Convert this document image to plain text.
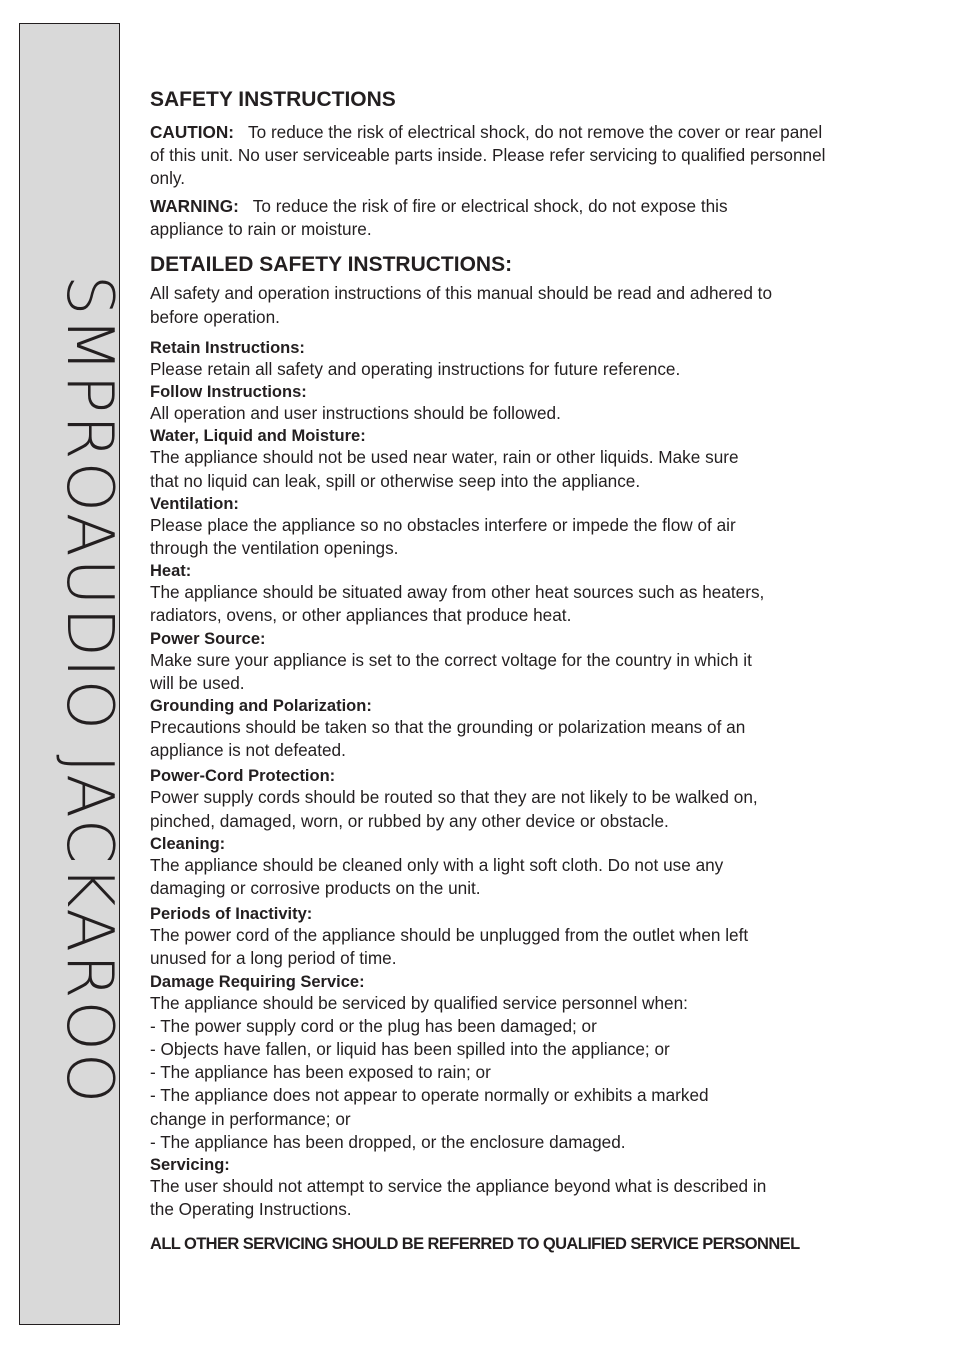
SMPROAUDIO JACKAROO
SAFETY INSTRUCTIONS

CAUTION: To reduce the risk of electrical shock, do not remove the cover or rear panel of this unit. No user serviceable parts inside. Please refer servicing to qualified personnel only.

WARNING: To reduce the risk of fire or electrical shock, do not expose this appliance to rain or moisture.

DETAILED SAFETY INSTRUCTIONS:

All safety and operation instructions of this manual should be read and adhered to before operation.

Retain Instructions:
Please retain all safety and operating instructions for future reference.
Follow Instructions:
All operation and user instructions should be followed.
Water, Liquid and Moisture:
The appliance should not be used near water, rain or other liquids. Make sure
that no liquid can leak, spill or otherwise seep into the appliance.
Ventilation:
Please place the appliance so no obstacles interfere or impede the flow of air
through the ventilation openings.
Heat:
The appliance should be situated away from other heat sources such as heaters,
radiators, ovens, or other appliances that produce heat.
Power Source:
Make sure your appliance is set to the correct voltage for the country in which it
will be used.
Grounding and Polarization:
Precautions should be taken so that the grounding or polarization means of an
appliance is not defeated.
Power-Cord Protection:
Power supply cords should be routed so that they are not likely to be walked on,
pinched, damaged, worn, or rubbed by any other device or obstacle.
Cleaning:
The appliance should be cleaned only with a light soft cloth. Do not use any
damaging or corrosive products on the unit.
Periods of Inactivity:
The power cord of the appliance should be unplugged from the outlet when left
unused for a long period of time.
Damage Requiring Service:
The appliance should be serviced by qualified service personnel when:
- The power supply cord or the plug has been damaged; or
- Objects have fallen, or liquid has been spilled into the appliance; or
- The appliance has been exposed to rain; or
- The appliance does not appear to operate normally or exhibits a marked
change in performance; or
- The appliance has been dropped, or the enclosure damaged.
Servicing:
The user should not attempt to service the appliance beyond what is described in
the Operating Instructions.
ALL OTHER SERVICING SHOULD BE REFERRED TO QUALIFIED SERVICE PERSONNEL
